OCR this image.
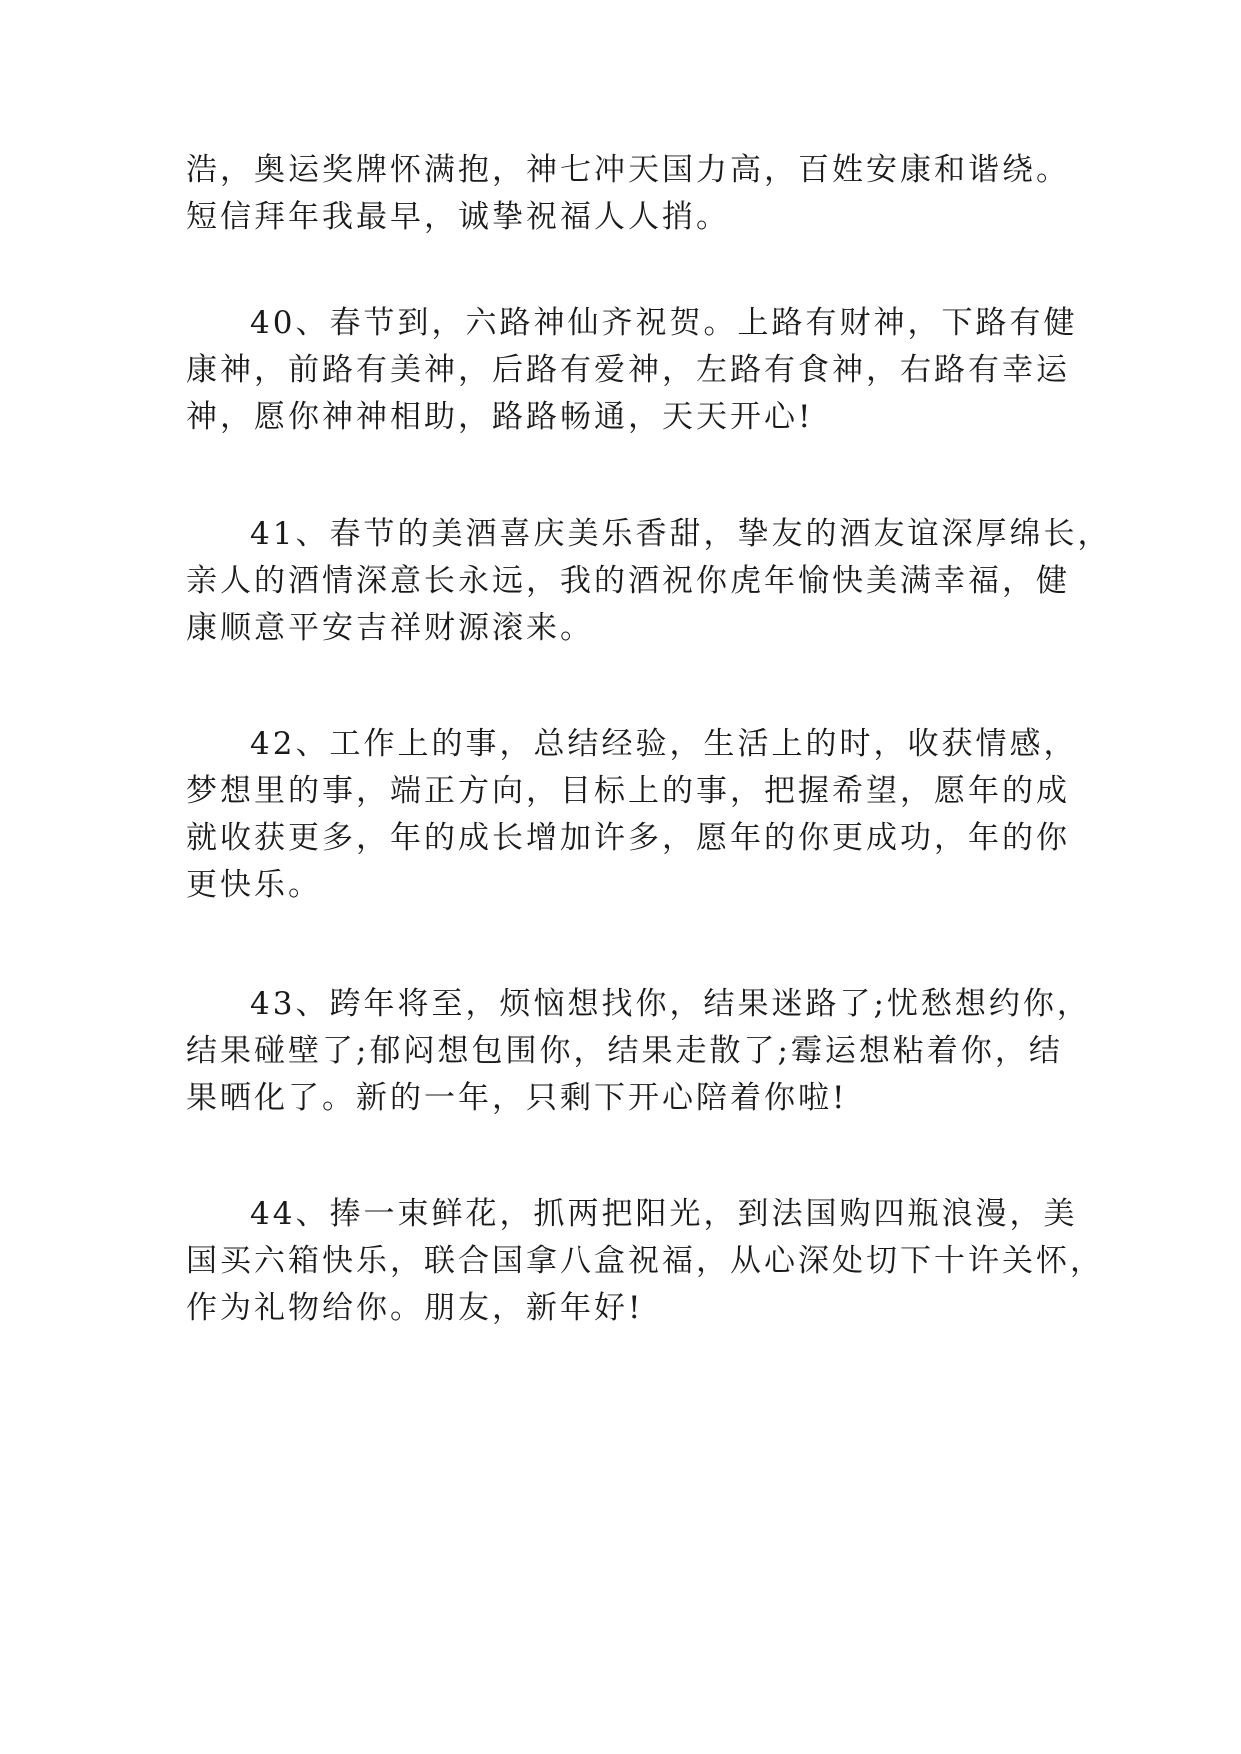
浩，奥运奖牌怀满抱，神七冲天国力高，百姓安康和谐绕。
短信拜年我最早，诚挚祝福人人捎。
40、春节到，六路神仙齐祝贺。上路有财神，下路有健
康神，前路有美神，后路有爱神，左路有食神，右路有幸运
神，愿你神神相助，路路畅通，天天开心!
41、春节的美酒喜庆美乐香甜，挚友的酒友谊深厚绵长，
亲人的酒情深意长永远，我的酒祝你虎年愉快美满幸福，健
康顺意平安吉祥财源滚来。
42、工作上的事，总结经验，生活上的时，收获情感，
梦想里的事，端正方向，目标上的事，把握希望，愿年的成
就收获更多，年的成长增加许多，愿年的你更成功，年的你
更快乐。
43、跨年将至，烦恼想找你，结果迷路了;忧愁想约你，
结果碰壁了;郁闷想包围你，结果走散了;霉运想粘着你，结
果晒化了。新的一年，只剩下开心陪着你啦!
44、捧一束鲜花，抓两把阳光，到法国购四瓶浪漫，美
国买六箱快乐，联合国拿八盒祝福，从心深处切下十许关怀，
作为礼物给你。朋友，新年好!
